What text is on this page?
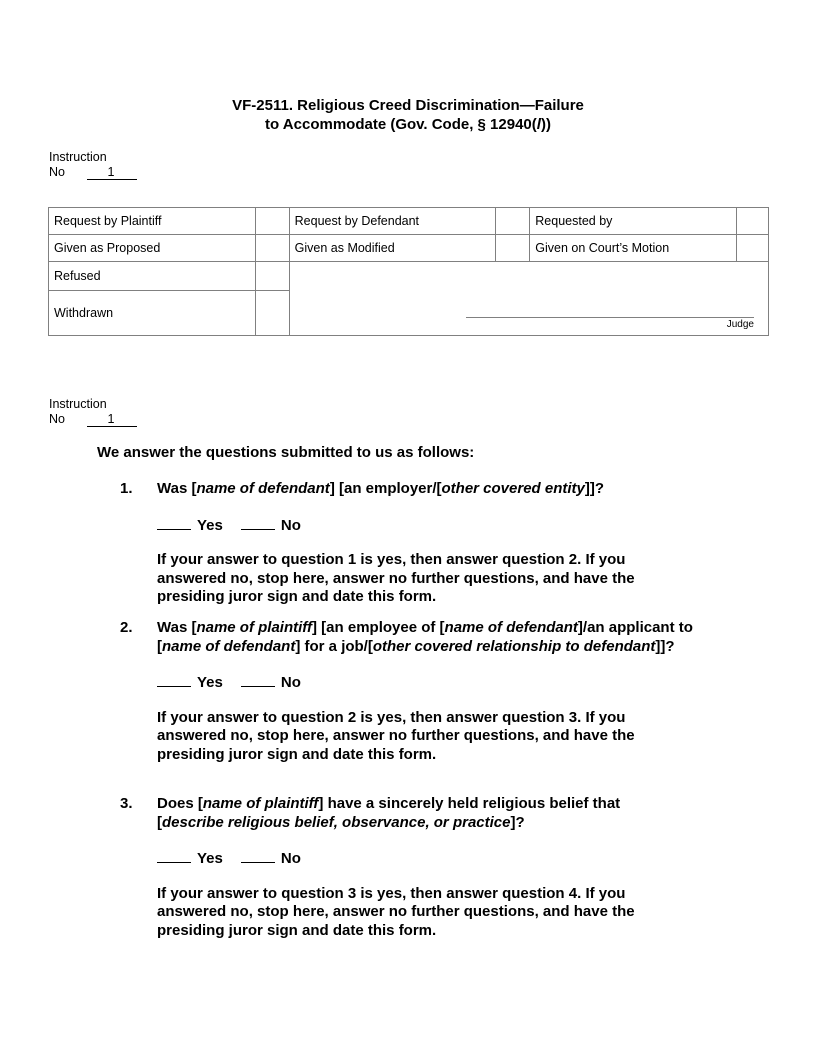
VF-2511. Religious Creed Discrimination—Failure
to Accommodate (Gov. Code, § 12940(l))
Instruction
No	1
Request by Plaintiff		Request by Defendant		Requested by	
Given as Proposed		Given as Modified		Given on Court’s Motion	
Refused		Judge			

Withdrawn					
Instruction
No	1
We answer the questions submitted to us as follows:
1. Was [name of defendant] [an employer/[other covered entity]]?
Yes	No
If your answer to question 1 is yes, then answer question 2. If you answered no, stop here, answer no further questions, and have the presiding juror sign and date this form.
2. Was [name of plaintiff] [an employee of [name of defendant]/an applicant to [name of defendant] for a job/[other covered relationship to defendant]]?
Yes	No
If your answer to question 2 is yes, then answer question 3. If you answered no, stop here, answer no further questions, and have the presiding juror sign and date this form.
3. Does [name of plaintiff] have a sincerely held religious belief that [describe religious belief, observance, or practice]?
Yes	No
If your answer to question 3 is yes, then answer question 4. If you answered no, stop here, answer no further questions, and have the presiding juror sign and date this form.
